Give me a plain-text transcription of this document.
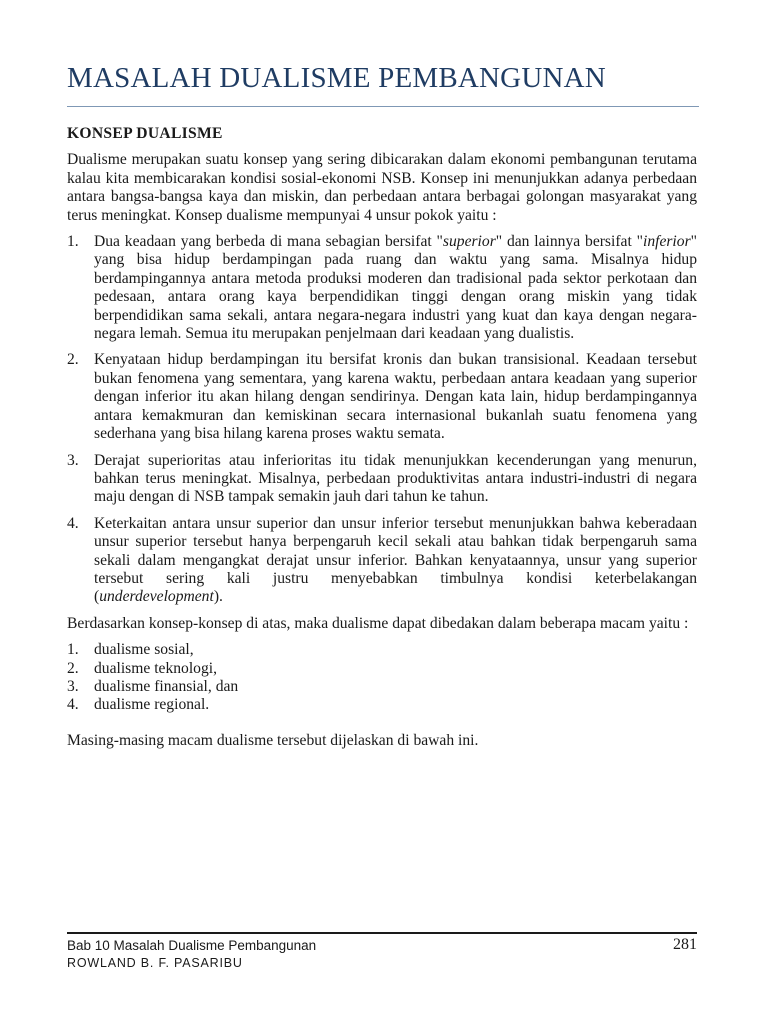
MASALAH DUALISME PEMBANGUNAN
KONSEP DUALISME

Dualisme merupakan suatu konsep yang sering dibicarakan dalam ekonomi pembangunan terutama kalau kita membicarakan kondisi sosial-ekonomi NSB. Konsep ini menunjukkan adanya perbedaan antara bangsa-bangsa kaya dan miskin, dan perbedaan antara berbagai golongan masyarakat yang terus meningkat. Konsep dualisme mempunyai 4 unsur pokok yaitu :

1. Dua keadaan yang berbeda di mana sebagian bersifat "superior" dan lainnya bersifat "inferior" yang bisa hidup berdampingan pada ruang dan waktu yang sama. Misalnya hidup berdampingannya antara metoda produksi moderen dan tradisional pada sektor perkotaan dan pedesaan, antara orang kaya berpendidikan tinggi dengan orang miskin yang tidak berpendidikan sama sekali, antara negara-negara industri yang kuat dan kaya dengan negara-negara lemah. Semua itu merupakan penjelmaan dari keadaan yang dualistis.
2. Kenyataan hidup berdampingan itu bersifat kronis dan bukan transisional. Keadaan tersebut bukan fenomena yang sementara, yang karena waktu, perbedaan antara keadaan yang superior dengan inferior itu akan hilang dengan sendirinya. Dengan kata lain, hidup berdampingannya antara kemakmuran dan kemiskinan secara internasional bukanlah suatu fenomena yang sederhana yang bisa hilang karena proses waktu semata.
3. Derajat superioritas atau inferioritas itu tidak menunjukkan kecenderungan yang menurun, bahkan terus meningkat. Misalnya, perbedaan produktivitas antara industri-industri di negara maju dengan di NSB tampak semakin jauh dari tahun ke tahun.
4. Keterkaitan antara unsur superior dan unsur inferior tersebut menunjukkan bahwa keberadaan unsur superior tersebut hanya berpengaruh kecil sekali atau bahkan tidak berpengaruh sama sekali dalam mengangkat derajat unsur inferior. Bahkan kenyataannya, unsur yang superior tersebut sering kali justru menyebabkan timbulnya kondisi keterbelakangan (underdevelopment).

Berdasarkan konsep-konsep di atas, maka dualisme dapat dibedakan dalam beberapa macam yaitu :

1. dualisme sosial,
2. dualisme teknologi,
3. dualisme finansial, dan
4. dualisme regional.

Masing-masing macam dualisme tersebut dijelaskan di bawah ini.

Bab 10 Masalah Dualisme Pembangunan
ROWLAND B. F. PASARIBU
281
